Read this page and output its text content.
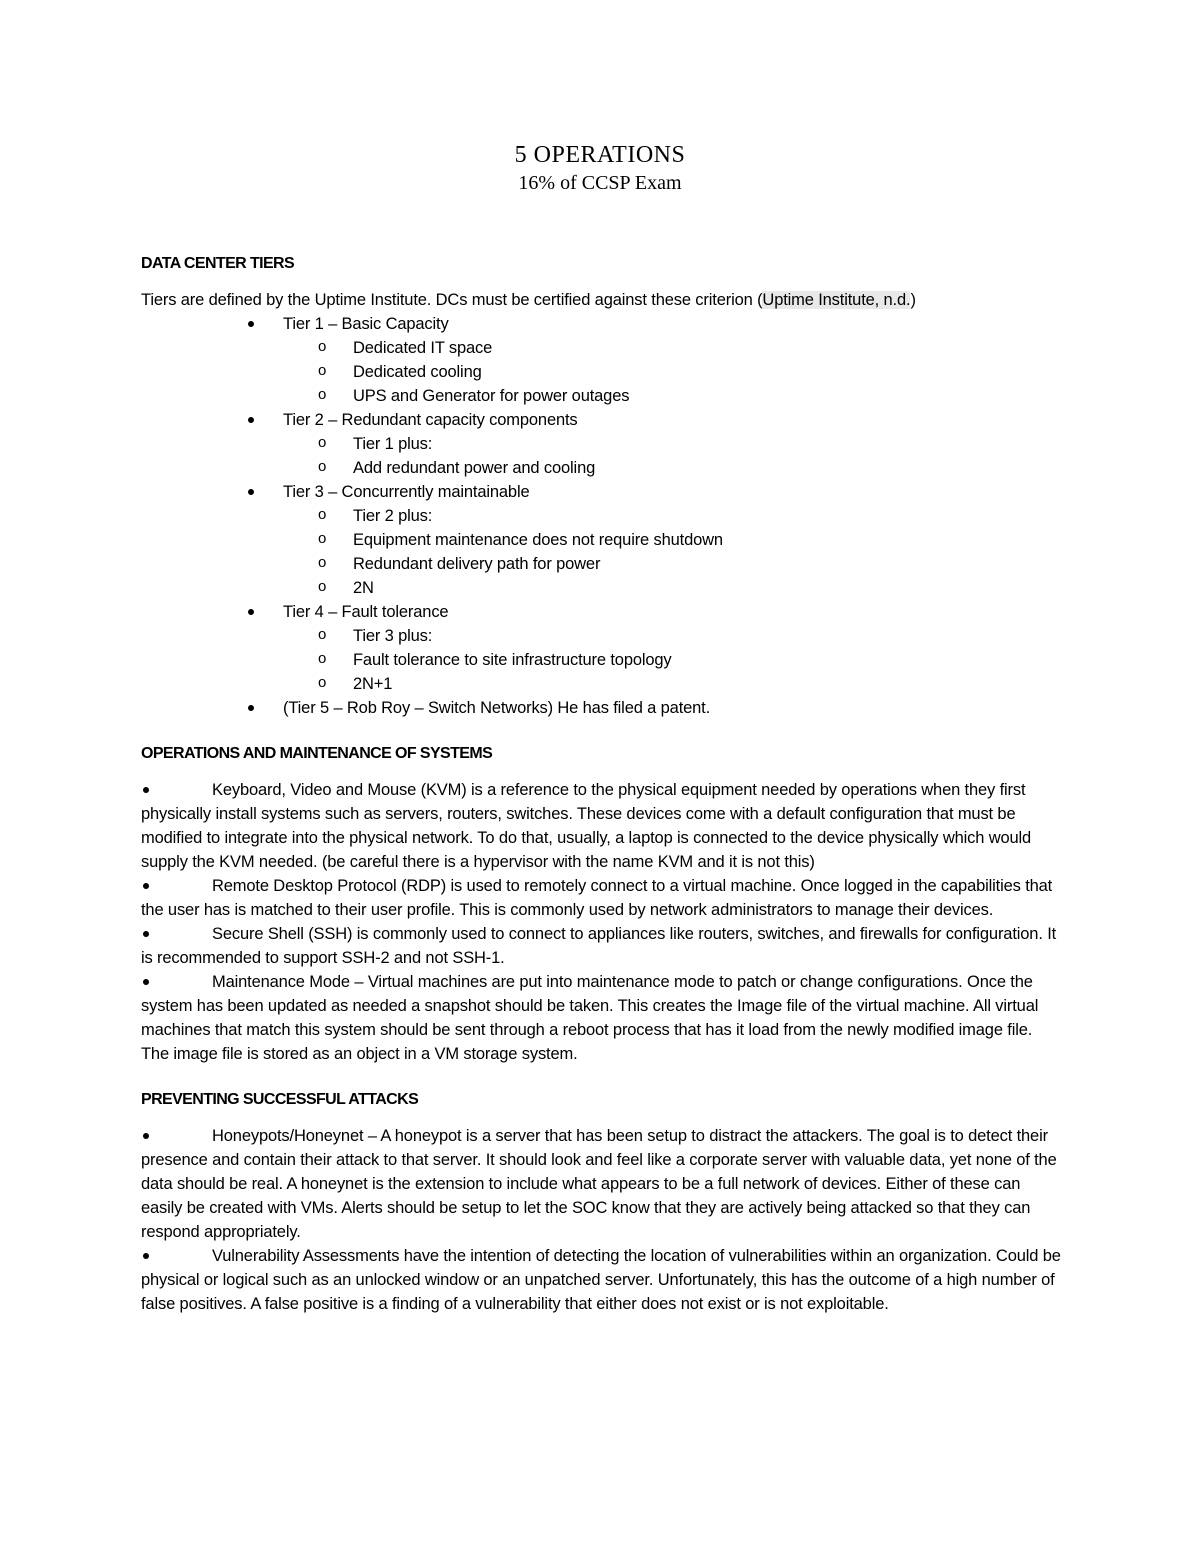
5 OPERATIONS
16% of CCSP Exam
DATA CENTER TIERS

Tiers are defined by the Uptime Institute. DCs must be certified against these criterion (Uptime Institute, n.d.)

Tier 1 – Basic Capacity
o Dedicated IT space
o Dedicated cooling
o UPS and Generator for power outages
Tier 2 – Redundant capacity components
o Tier 1 plus:
o Add redundant power and cooling
Tier 3 – Concurrently maintainable
o Tier 2 plus:
o Equipment maintenance does not require shutdown
o Redundant delivery path for power
o 2N
Tier 4 – Fault tolerance
o Tier 3 plus:
o Fault tolerance to site infrastructure topology
o 2N+1
(Tier 5 – Rob Roy – Switch Networks) He has filed a patent.
OPERATIONS AND MAINTENANCE OF SYSTEMS
Keyboard, Video and Mouse (KVM) is a reference to the physical equipment needed by operations when they first physically install systems such as servers, routers, switches. These devices come with a default configuration that must be modified to integrate into the physical network. To do that, usually, a laptop is connected to the device physically which would supply the KVM needed. (be careful there is a hypervisor with the name KVM and it is not this)
Remote Desktop Protocol (RDP) is used to remotely connect to a virtual machine. Once logged in the capabilities that the user has is matched to their user profile. This is commonly used by network administrators to manage their devices.
Secure Shell (SSH) is commonly used to connect to appliances like routers, switches, and firewalls for configuration. It is recommended to support SSH-2 and not SSH-1.
Maintenance Mode – Virtual machines are put into maintenance mode to patch or change configurations. Once the system has been updated as needed a snapshot should be taken. This creates the Image file of the virtual machine. All virtual machines that match this system should be sent through a reboot process that has it load from the newly modified image file. The image file is stored as an object in a VM storage system.
PREVENTING SUCCESSFUL ATTACKS
Honeypots/Honeynet – A honeypot is a server that has been setup to distract the attackers. The goal is to detect their presence and contain their attack to that server. It should look and feel like a corporate server with valuable data, yet none of the data should be real. A honeynet is the extension to include what appears to be a full network of devices. Either of these can easily be created with VMs. Alerts should be setup to let the SOC know that they are actively being attacked so that they can respond appropriately.
Vulnerability Assessments have the intention of detecting the location of vulnerabilities within an organization. Could be physical or logical such as an unlocked window or an unpatched server. Unfortunately, this has the outcome of a high number of false positives. A false positive is a finding of a vulnerability that either does not exist or is not exploitable.
